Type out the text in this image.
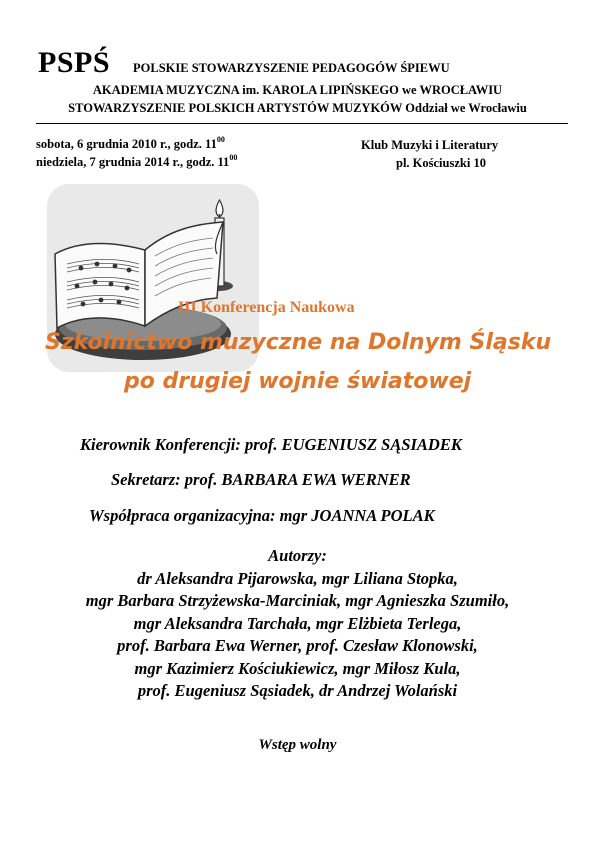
PSPŚ POLSKIE STOWARZYSZENIE PEDAGOGÓW ŚPIEWU
AKADEMIA MUZYCZNA im. KAROLA LIPIŃSKEGO we WROCŁAWIU
STOWARZYSZENIE POLSKICH ARTYSTÓW MUZYKÓW Oddział we Wrocławiu
sobota, 6 grudnia 2010 r., godz. $11^{00}$
niedziela, 7 grudnia 2014 r., godz. $11^{00}$
Klub Muzyki i Literatury
pl. Kościuszki 10
III Konferencja Naukowa
Szkolnictwo muzyczne na Dolnym Śląsku
po drugiej wojnie światowej
Kierownik Konferencji: prof. EUGENIUSZ SĄSIADEK
Sekretarz: prof. BARBARA EWA WERNER
Współpraca organizacyjna: mgr JOANNA POLAK
Autorzy:
dr Aleksandra Pijarowska, mgr Liliana Stopka,
mgr Barbara Strzyżewska-Marciniak, mgr Agnieszka Szumiło,
mgr Aleksandra Tarchała, mgr Elżbieta Terlega,
prof. Barbara Ewa Werner, prof. Czesław Klonowski,
mgr Kazimierz Kościukiewicz, mgr Miłosz Kula,
prof. Eugeniusz Sąsiadek, dr Andrzej Wolański
Wstęp wolny
